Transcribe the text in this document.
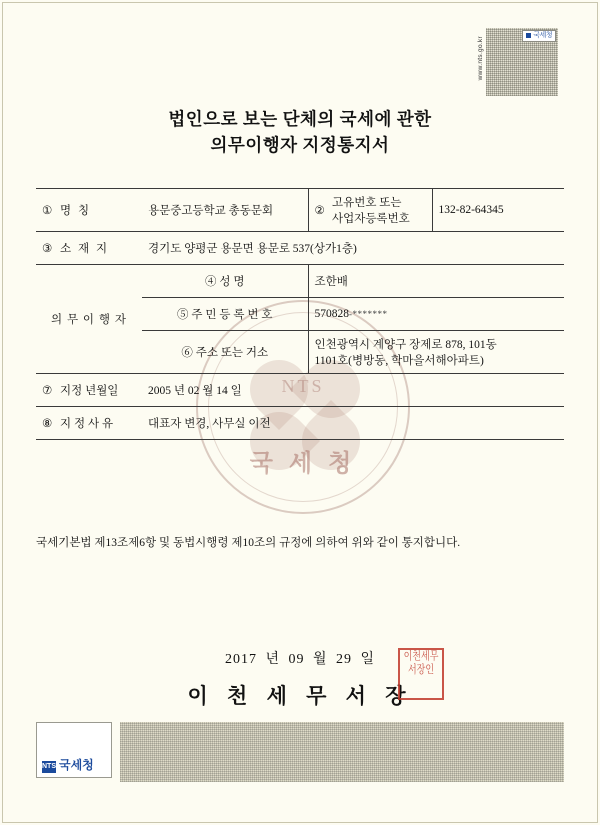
국세청
www.nts.go.kr
법인으로 보는 단체의 국세에 관한
의무이행자 지정통지서
NTS
국 세 청
①	명 칭	용문중고등학교 총동문회	②	고유번호 또는
사업자등록번호	132-82-64345
③	소 재 지	경기도 양평군 용문면 용문로 537(상가1층)			
의 무 이 행 자		④ 성 명	조한배		
		⑤ 주 민 등 록 번 호	570828-*******		
		⑥ 주소 또는 거소	인천광역시 계양구 장제로 878, 101동
1101호(병방동, 학마을서해아파트)		

⑦	지정 년월일	2005 년 02 월 14 일			
⑧	지 정 사 유	대표자 변경, 사무실 이전			
국세기본법 제13조제6항 및 동법시행령 제10조의 규정에 의하여 위와 같이 통지합니다.
2017 년 09 월 29 일
이 천 세 무 서 장
이천세무서장인
NTS 국세청
